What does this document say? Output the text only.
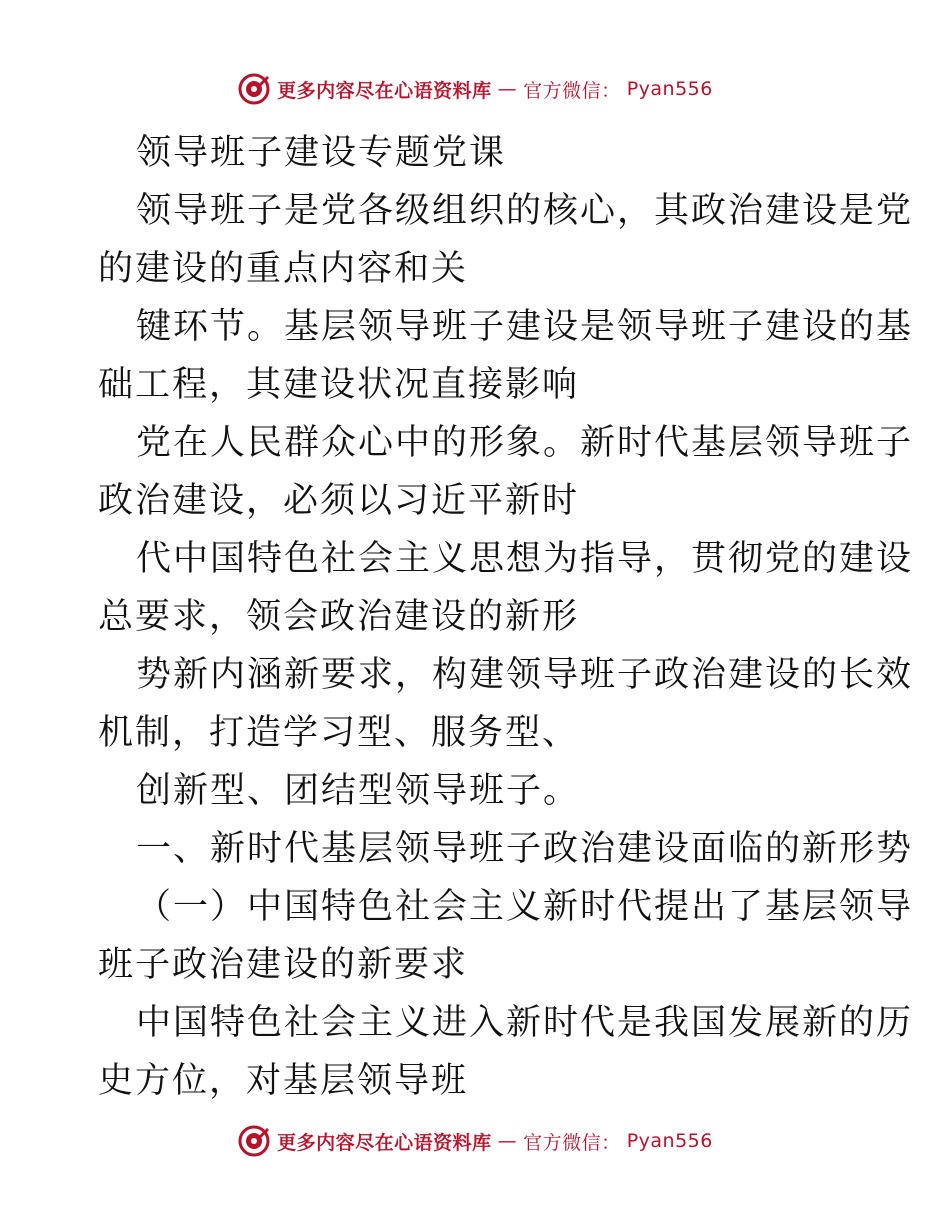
更多内容尽在心语资料库 — 官方微信： Pyan556
领导班子建设专题党课
领导班子是党各级组织的核心，其政治建设是党
的建设的重点内容和关
键环节。基层领导班子建设是领导班子建设的基
础工程，其建设状况直接影响
党在人民群众心中的形象。新时代基层领导班子
政治建设，必须以习近平新时
代中国特色社会主义思想为指导，贯彻党的建设
总要求，领会政治建设的新形
势新内涵新要求，构建领导班子政治建设的长效
机制，打造学习型、服务型、
创新型、团结型领导班子。
一、新时代基层领导班子政治建设面临的新形势
（一）中国特色社会主义新时代提出了基层领导
班子政治建设的新要求
中国特色社会主义进入新时代是我国发展新的历
史方位，对基层领导班
更多内容尽在心语资料库 — 官方微信： Pyan556
